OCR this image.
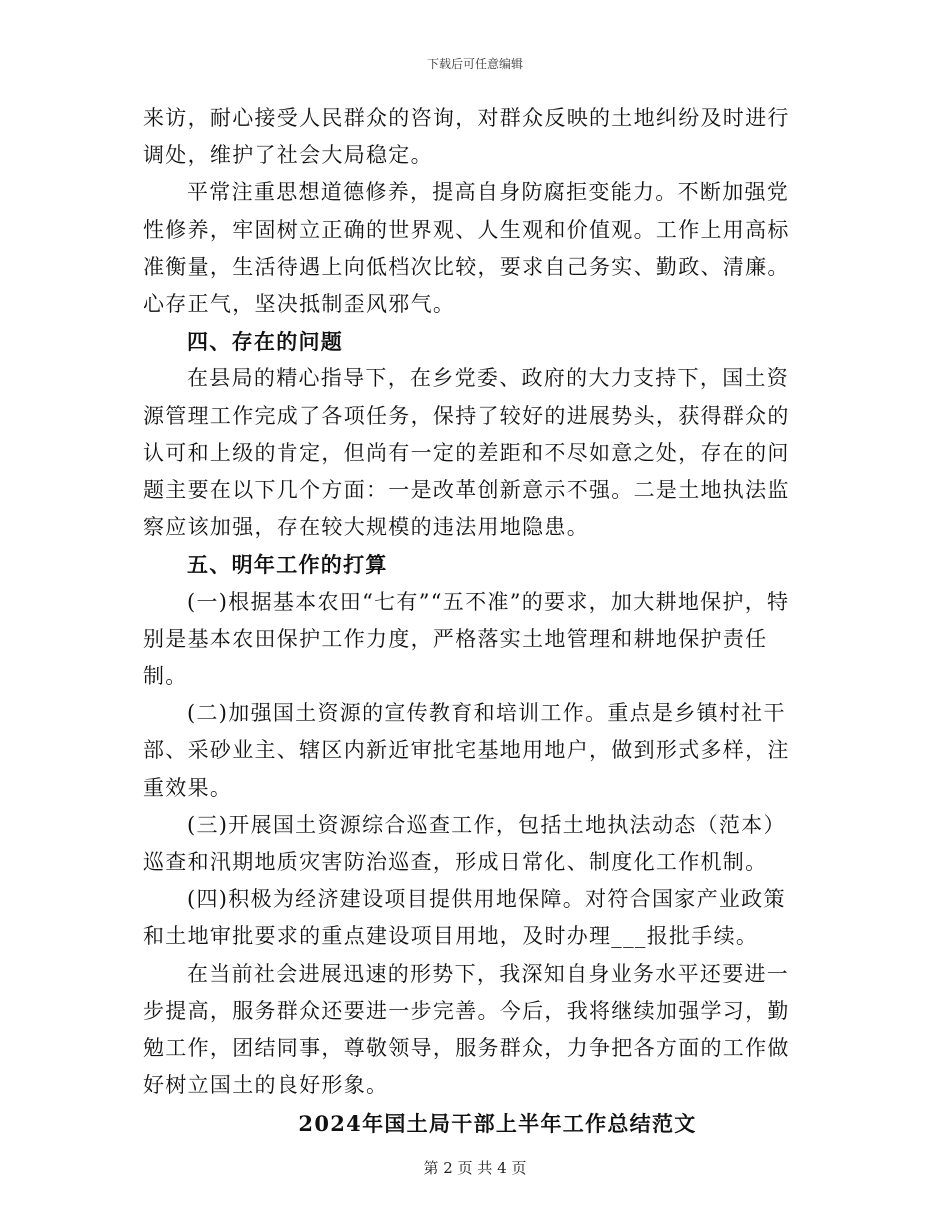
下载后可任意编辑

来访，耐心接受人民群众的咨询，对群众反映的土地纠纷及时进行调处，维护了社会大局稳定。

平常注重思想道德修养，提高自身防腐拒变能力。不断加强党性修养，牢固树立正确的世界观、人生观和价值观。工作上用高标准衡量，生活待遇上向低档次比较，要求自己务实、勤政、清廉。心存正气，坚决抵制歪风邪气。

四、存在的问题

在县局的精心指导下，在乡党委、政府的大力支持下，国土资源管理工作完成了各项任务，保持了较好的进展势头，获得群众的认可和上级的肯定，但尚有一定的差距和不尽如意之处，存在的问题主要在以下几个方面：一是改革创新意示不强。二是土地执法监察应该加强，存在较大规模的违法用地隐患。

五、明年工作的打算

(一)根据基本农田“七有”“五不准”的要求，加大耕地保护，特别是基本农田保护工作力度，严格落实土地管理和耕地保护责任制。

(二)加强国土资源的宣传教育和培训工作。重点是乡镇村社干部、采砂业主、辖区内新近审批宅基地用地户，做到形式多样，注重效果。

(三)开展国土资源综合巡查工作，包括土地执法动态（范本）巡查和汛期地质灾害防治巡查，形成日常化、制度化工作机制。

(四)积极为经济建设项目提供用地保障。对符合国家产业政策和土地审批要求的重点建设项目用地，及时办理___报批手续。

在当前社会进展迅速的形势下，我深知自身业务水平还要进一步提高，服务群众还要进一步完善。今后，我将继续加强学习，勤勉工作，团结同事，尊敬领导，服务群众，力争把各方面的工作做好树立国土的良好形象。

2024年国土局干部上半年工作总结范文

第 2 页 共 4 页
